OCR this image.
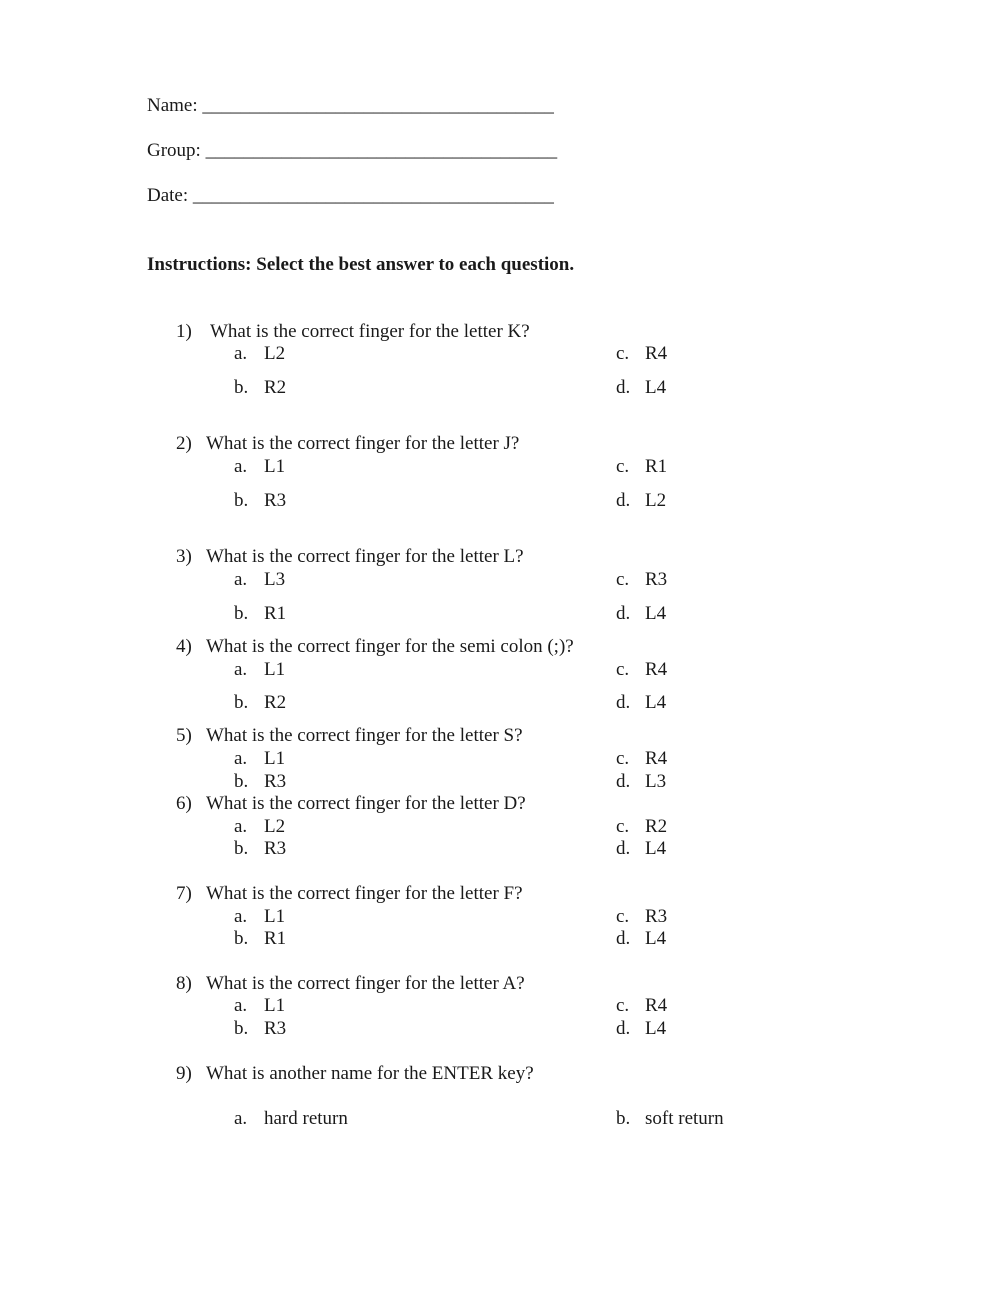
Name: _____________________________________
Group: _____________________________________
Date: ______________________________________
Instructions: Select the best answer to each question.
1) What is the correct finger for the letter K?
a. L2	c. R4
b. R2	d. L4
2) What is the correct finger for the letter J?
a. L1	c. R1
b. R3	d. L2
3) What is the correct finger for the letter L?
a. L3	c. R3
b. R1	d. L4
4) What is the correct finger for the semi colon (;)?
a. L1	c. R4
b. R2	d. L4
5) What is the correct finger for the letter S?
a. L1	c. R4
b. R3	d. L3
6) What is the correct finger for the letter D?
a. L2	c. R2
b. R3	d. L4
7) What is the correct finger for the letter F?
a. L1	c. R3
b. R1	d. L4
8) What is the correct finger for the letter A?
a. L1	c. R4
b. R3	d. L4
9) What is another name for the ENTER key?
a. hard return	b. soft return
